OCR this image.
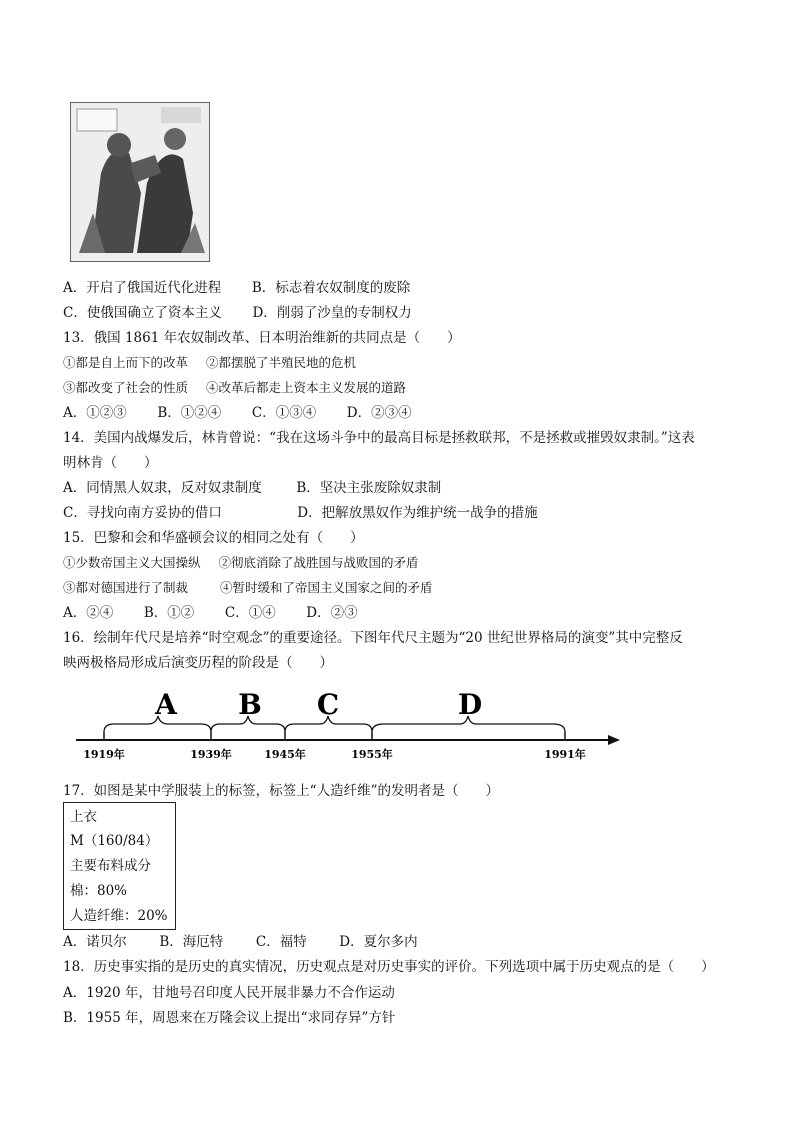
A．开启了俄国近代化进程 B．标志着农奴制度的废除
C．使俄国确立了资本主义 D．削弱了沙皇的专制权力
13．俄国 1861 年农奴制改革、日本明治维新的共同点是（　　）
①都是自上而下的改革 ②都摆脱了半殖民地的危机
③都改变了社会的性质 ④改革后都走上资本主义发展的道路
A．①②③ B．①②④ C．①③④ D．②③④
14．美国内战爆发后，林肯曾说：“我在这场斗争中的最高目标是拯救联邦，不是拯救或摧毁奴隶制。”这表
明林肯（　　）
A．同情黑人奴隶，反对奴隶制度	B．坚决主张废除奴隶制
C．寻找向南方妥协的借口	D．把解放黑奴作为维护统一战争的措施
15．巴黎和会和华盛顿会议的相同之处有（　　）
①少数帝国主义大国操纵 ②彻底消除了战胜国与战败国的矛盾
③都对德国进行了制裁	④暂时缓和了帝国主义国家之间的矛盾
A．②④ B．①② C．①④ D．②③
16．绘制年代尺是培养“时空观念”的重要途径。下图年代尺主题为“20 世纪世界格局的演变”其中完整反
映两极格局形成后演变历程的阶段是（　　）
A B C	D
1919年	1939年	1945年	1955年	1991年
17．如图是某中学服装上的标签，标签上“人造纤维”的发明者是（　　）
上衣
M（160/84）
主要布料成分
棉：80%
人造纤维：20%
A．诺贝尔 B．海厄特 C．福特 D．夏尔多内
18．历史事实指的是历史的真实情况，历史观点是对历史事实的评价。下列选项中属于历史观点的是（　　）
A．1920 年，甘地号召印度人民开展非暴力不合作运动
B．1955 年，周恩来在万隆会议上提出“求同存异”方针
